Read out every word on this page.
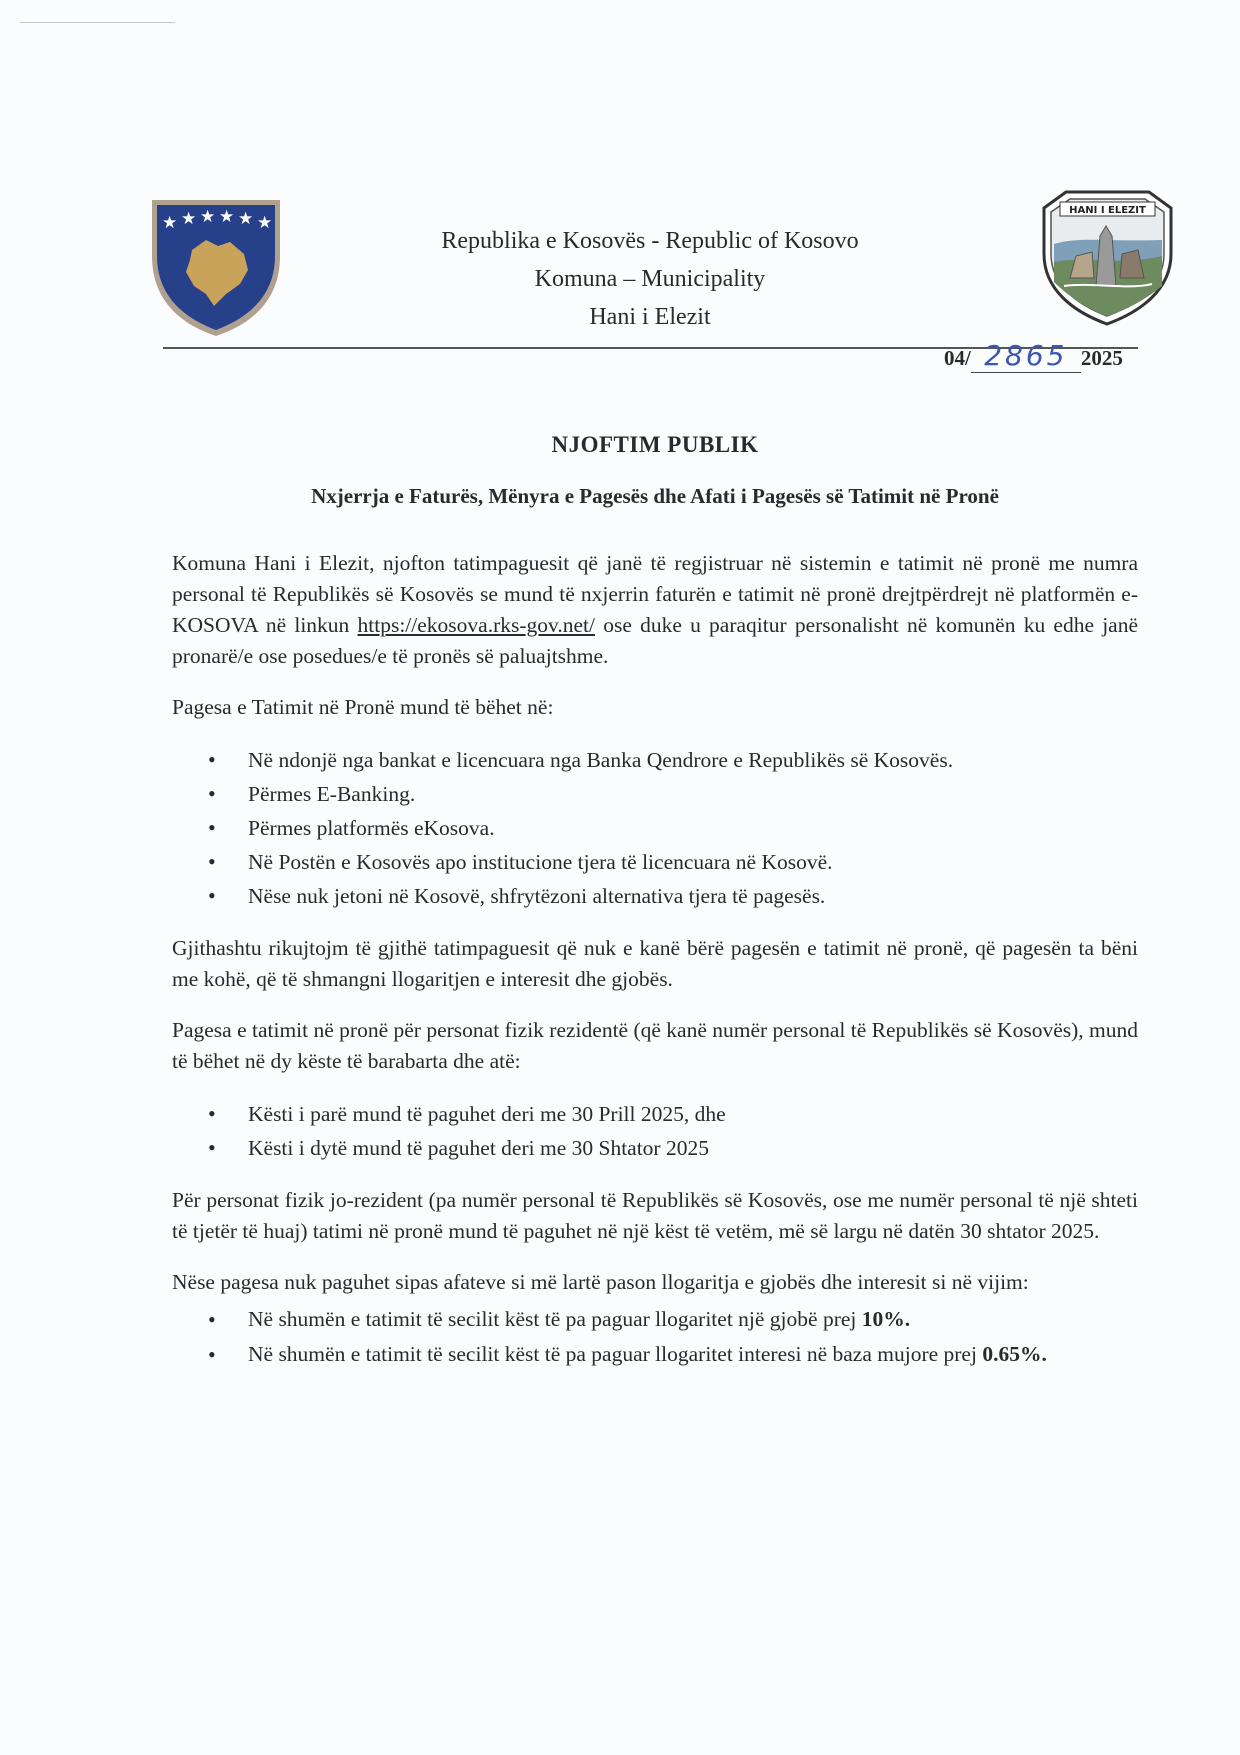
★ ★ ★ ★ ★ ★
HANI I ELEZIT
Republika e Kosovës - Republic of Kosovo
Komuna – Municipality
Hani i Elezit
04/ 2865 2025
NJOFTIM PUBLIK
Nxjerrja e Faturës, Mënyra e Pagesës dhe Afati i Pagesës së Tatimit në Pronë

Komuna Hani i Elezit, njofton tatimpaguesit që janë të regjistruar në sistemin e tatimit në pronë me numra personal të Republikës së Kosovës se mund të nxjerrin faturën e tatimit në pronë drejtpërdrejt në platformën e-KOSOVA në linkun https://ekosova.rks-gov.net/ ose duke u paraqitur personalisht në komunën ku edhe janë pronarë/e ose posedues/e të pronës së paluajtshme.

Pagesa e Tatimit në Pronë mund të bëhet në:

• Në ndonjë nga bankat e licencuara nga Banka Qendrore e Republikës së Kosovës.
• Përmes E-Banking.
• Përmes platformës eKosova.
• Në Postën e Kosovës apo institucione tjera të licencuara në Kosovë.
• Nëse nuk jetoni në Kosovë, shfrytëzoni alternativa tjera të pagesës.

Gjithashtu rikujtojm të gjithë tatimpaguesit që nuk e kanë bërë pagesën e tatimit në pronë, që pagesën ta bëni me kohë, që të shmangni llogaritjen e interesit dhe gjobës.

Pagesa e tatimit në pronë për personat fizik rezidentë (që kanë numër personal të Republikës së Kosovës), mund të bëhet në dy këste të barabarta dhe atë:

• Kësti i parë mund të paguhet deri me 30 Prill 2025, dhe
• Kësti i dytë mund të paguhet deri me 30 Shtator 2025

Për personat fizik jo-rezident (pa numër personal të Republikës së Kosovës, ose me numër personal të një shteti të tjetër të huaj) tatimi në pronë mund të paguhet në një këst të vetëm, më së largu në datën 30 shtator 2025.

Nëse pagesa nuk paguhet sipas afateve si më lartë pason llogaritja e gjobës dhe interesit si në vijim:

• Në shumën e tatimit të secilit këst të pa paguar llogaritet një gjobë prej 10%.
• Në shumën e tatimit të secilit këst të pa paguar llogaritet interesi në baza mujore prej 0.65%.
